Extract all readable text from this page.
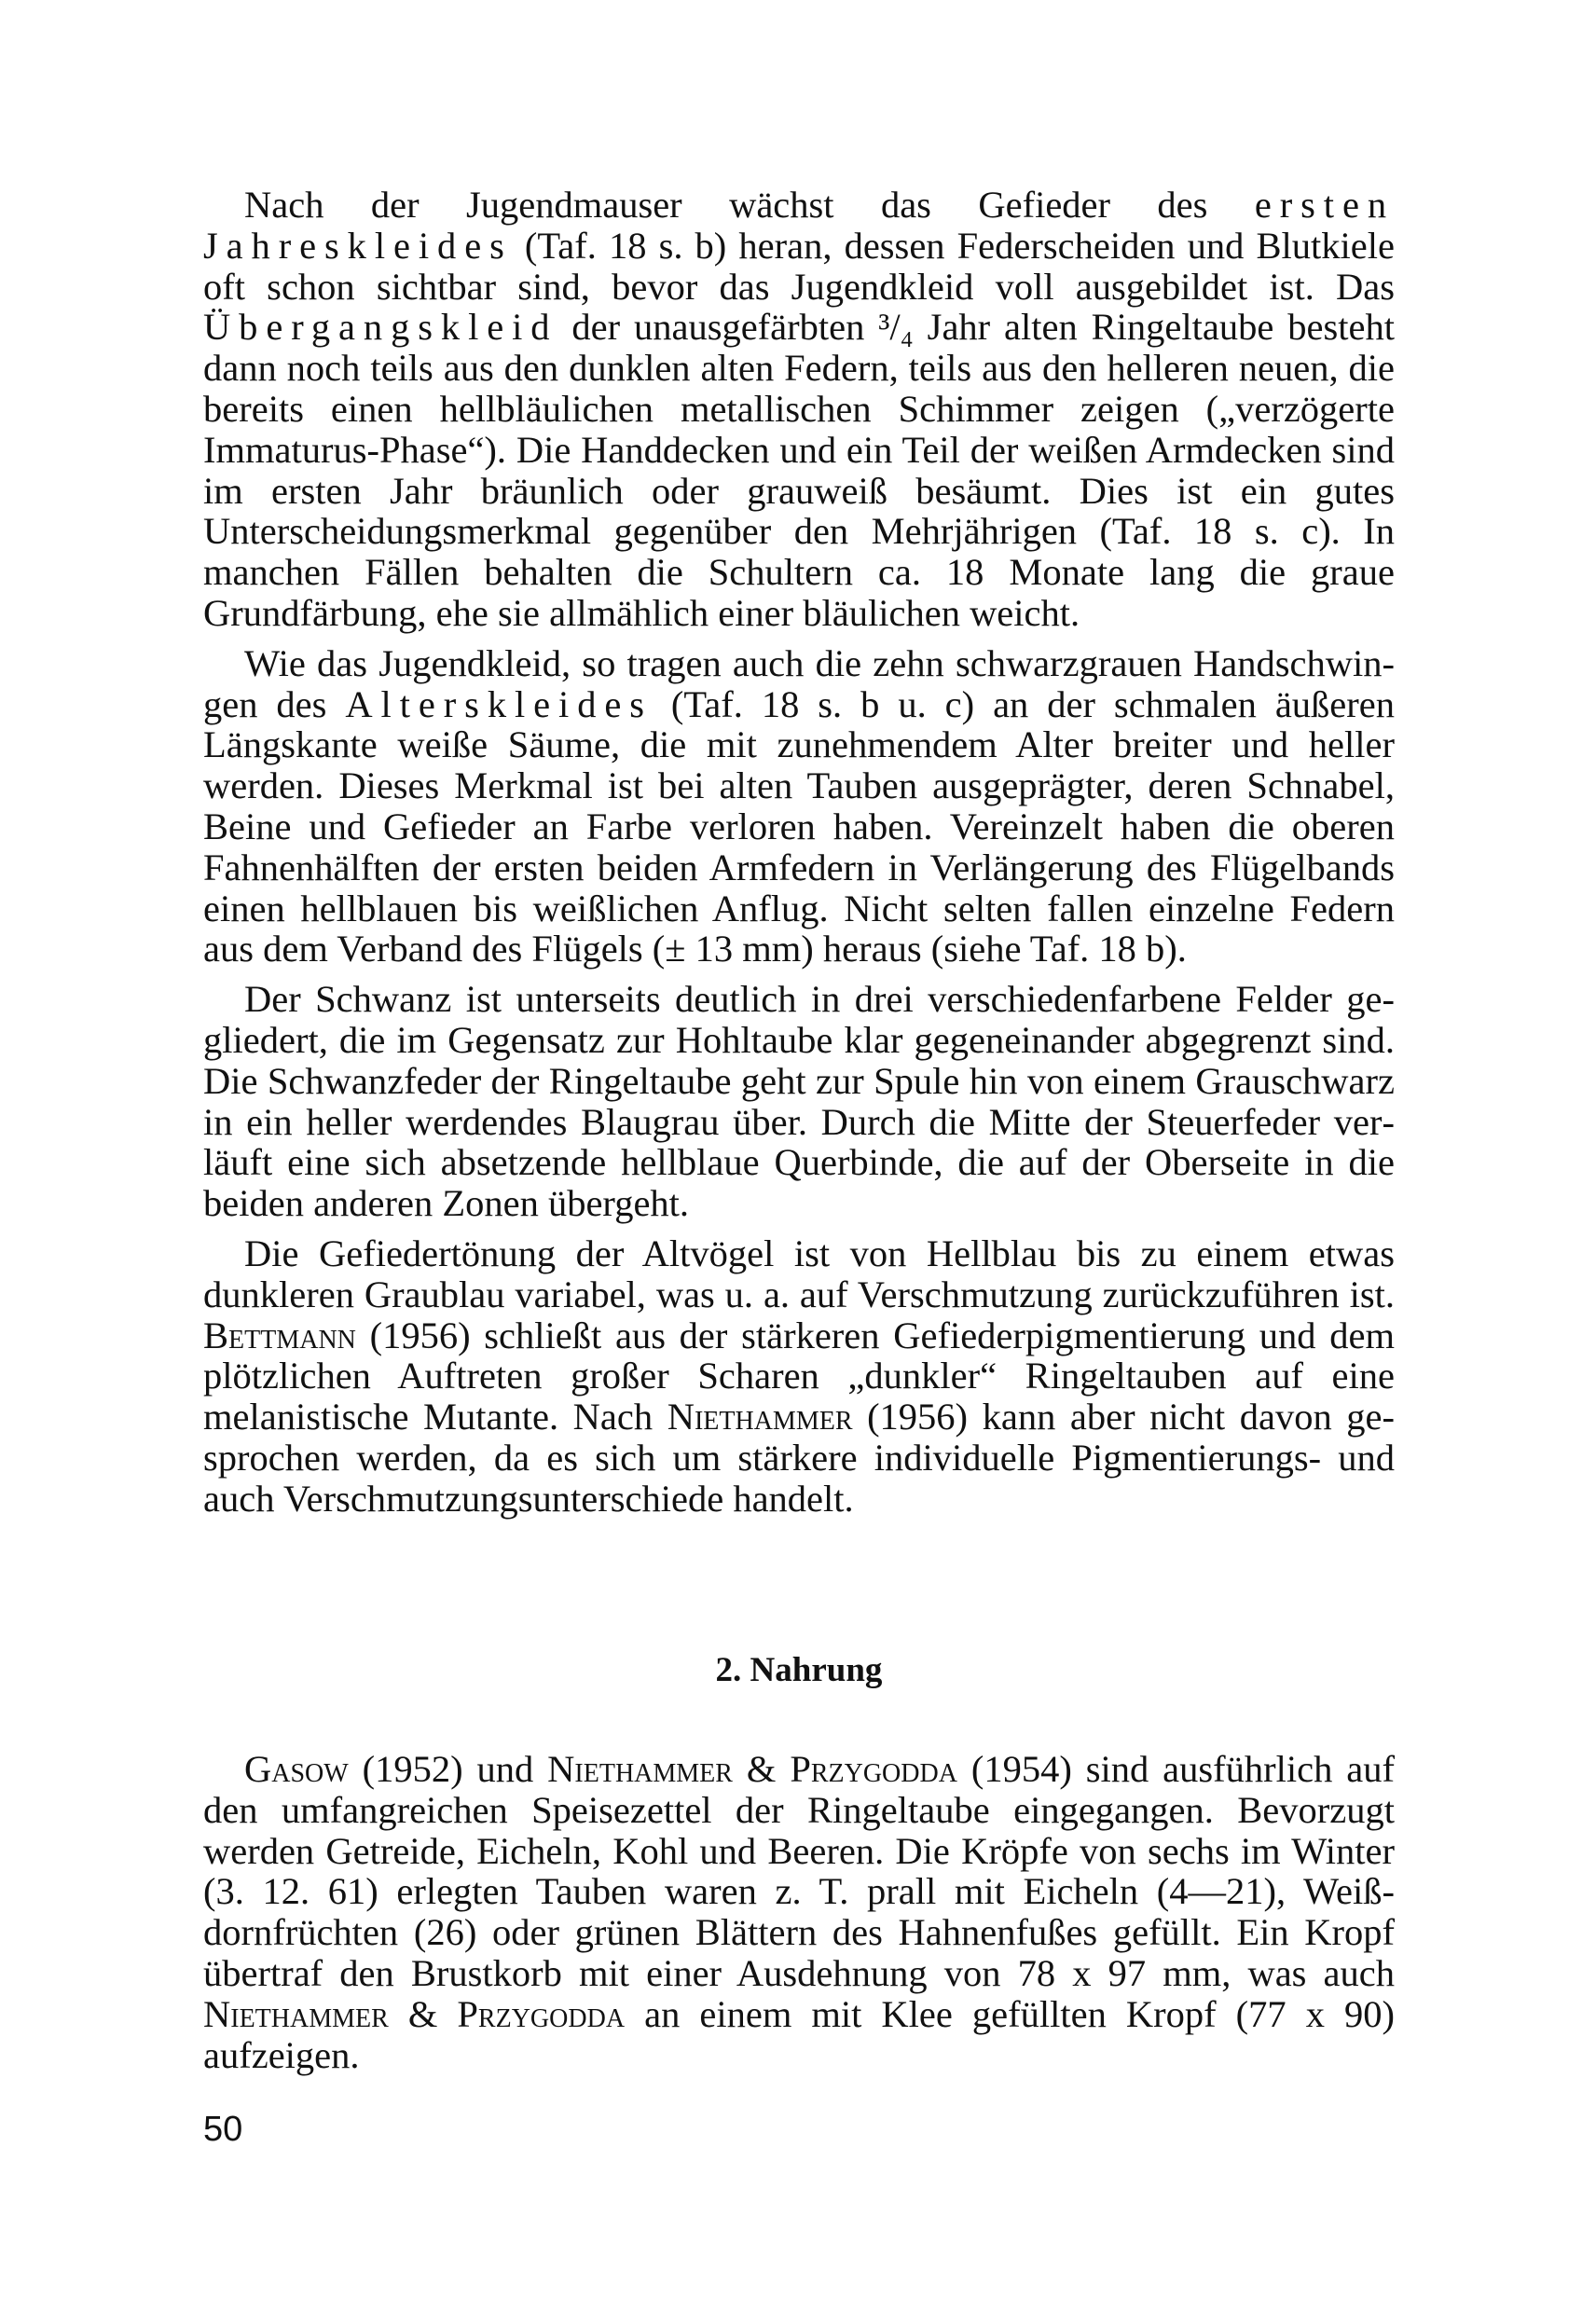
Nach der Jugendmauser wächst das Gefieder des ersten Jahreskleides (Taf. 18 s. b) heran, dessen Federscheiden und Blutkiele oft schon sichtbar sind, bevor das Jugendkleid voll ausgebildet ist. Das Übergangskleid der unausgefärbten ³/₄ Jahr alten Ringeltaube besteht dann noch teils aus den dunklen alten Federn, teils aus den helleren neuen, die bereits einen hellbläulichen metallischen Schimmer zeigen („verzögerte Immaturus-Phase“). Die Handdecken und ein Teil der weißen Armdecken sind im ersten Jahr bräunlich oder grauweiß besäumt. Dies ist ein gutes Unterscheidungsmerkmal gegenüber den Mehrjährigen (Taf. 18 s. c). In manchen Fällen behalten die Schultern ca. 18 Monate lang die graue Grundfärbung, ehe sie allmählich einer bläulichen weicht.

Wie das Jugendkleid, so tragen auch die zehn schwarzgrauen Handschwingen des Alterskleides (Taf. 18 s. b u. c) an der schmalen äußeren Längskante weiße Säume, die mit zunehmendem Alter breiter und heller werden. Dieses Merkmal ist bei alten Tauben ausgeprägter, deren Schnabel, Beine und Gefieder an Farbe verloren haben. Vereinzelt haben die oberen Fahnenhälften der ersten beiden Armfedern in Verlängerung des Flügelbands einen hellblauen bis weißlichen Anflug. Nicht selten fallen einzelne Federn aus dem Verband des Flügels (± 13 mm) heraus (siehe Taf. 18 b).

Der Schwanz ist unterseits deutlich in drei verschiedenfarbene Felder gegliedert, die im Gegensatz zur Hohltaube klar gegeneinander abgegrenzt sind. Die Schwanzfeder der Ringeltaube geht zur Spule hin von einem Grauschwarz in ein heller werdendes Blaugrau über. Durch die Mitte der Steuerfeder verläuft eine sich absetzende hellblaue Querbinde, die auf der Oberseite in die beiden anderen Zonen übergeht.

Die Gefiedertönung der Altvögel ist von Hellblau bis zu einem etwas dunkleren Graublau variabel, was u. a. auf Verschmutzung zurückzuführen ist. Bettmann (1956) schließt aus der stärkeren Gefiederpigmentierung und dem plötzlichen Auftreten großer Scharen „dunkler“ Ringeltauben auf eine melanistische Mutante. Nach Niethammer (1956) kann aber nicht davon gesprochen werden, da es sich um stärkere individuelle Pigmentierungs- und auch Verschmutzungsunterschiede handelt.

2. Nahrung

Gasow (1952) und Niethammer & Przygodda (1954) sind ausführlich auf den umfangreichen Speisezettel der Ringeltaube eingegangen. Bevorzugt werden Getreide, Eicheln, Kohl und Beeren. Die Kröpfe von sechs im Winter (3. 12. 61) erlegten Tauben waren z. T. prall mit Eicheln (4—21), Weißdornfrüchten (26) oder grünen Blättern des Hahnenfußes gefüllt. Ein Kropf übertraf den Brustkorb mit einer Ausdehnung von 78 x 97 mm, was auch Niethammer & Przygodda an einem mit Klee gefüllten Kropf (77 x 90) aufzeigen.

50
